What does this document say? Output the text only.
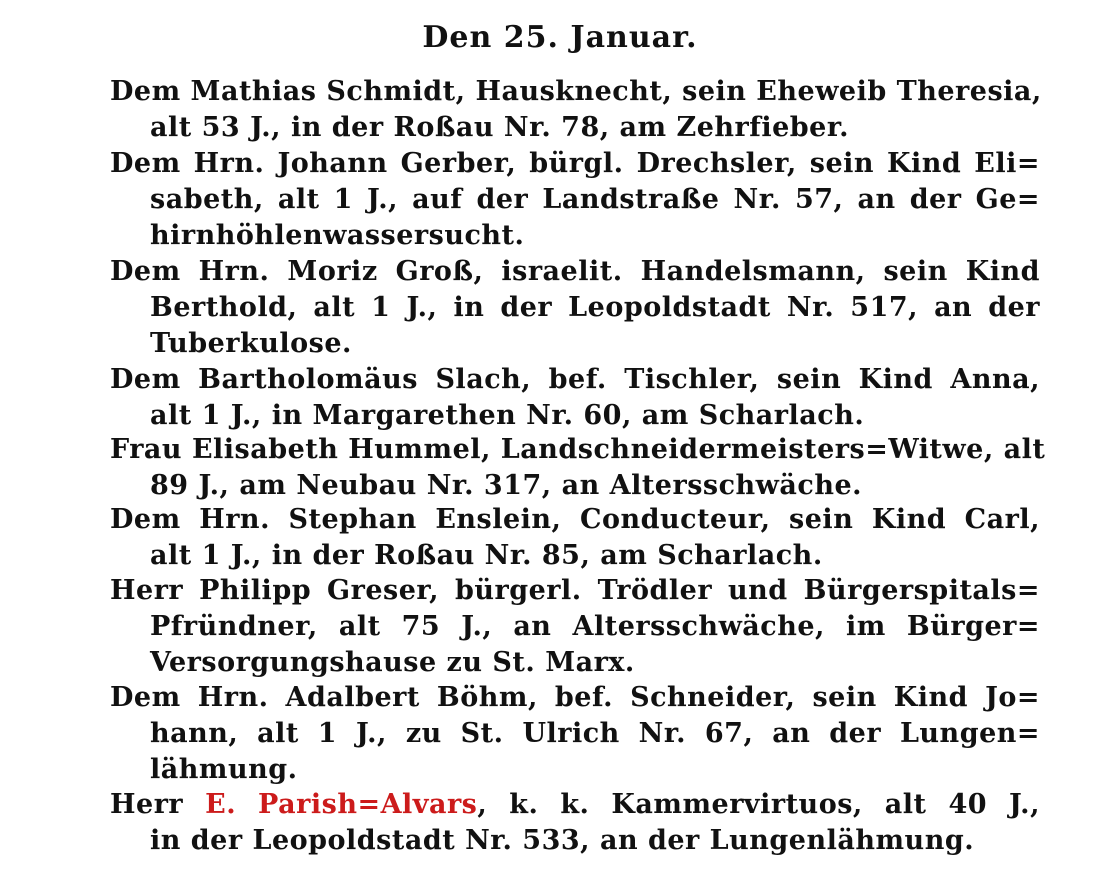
Den 25. Januar.
Dem Mathias Schmidt, Hausknecht, sein Eheweib Theresia,
alt 53 J., in der Roßau Nr. 78, am Zehrfieber.
Dem Hrn. Johann Gerber, bürgl. Drechsler, sein Kind Eli=
sabeth, alt 1 J., auf der Landstraße Nr. 57, an der Ge=
hirnhöhlenwassersucht.
Dem Hrn. Moriz Groß, israelit. Handelsmann, sein Kind
Berthold, alt 1 J., in der Leopoldstadt Nr. 517, an der
Tuberkulose.
Dem Bartholomäus Slach, bef. Tischler, sein Kind Anna,
alt 1 J., in Margarethen Nr. 60, am Scharlach.
Frau Elisabeth Hummel, Landschneidermeisters=Witwe, alt
89 J., am Neubau Nr. 317, an Altersschwäche.
Dem Hrn. Stephan Enslein, Conducteur, sein Kind Carl,
alt 1 J., in der Roßau Nr. 85, am Scharlach.
Herr Philipp Greser, bürgerl. Trödler und Bürgerspitals=
Pfründner, alt 75 J., an Altersschwäche, im Bürger=
Versorgungshause zu St. Marx.
Dem Hrn. Adalbert Böhm, bef. Schneider, sein Kind Jo=
hann, alt 1 J., zu St. Ulrich Nr. 67, an der Lungen=
lähmung.
Herr E. Parish=Alvars, k. k. Kammervirtuos, alt 40 J.,
in der Leopoldstadt Nr. 533, an der Lungenlähmung.
